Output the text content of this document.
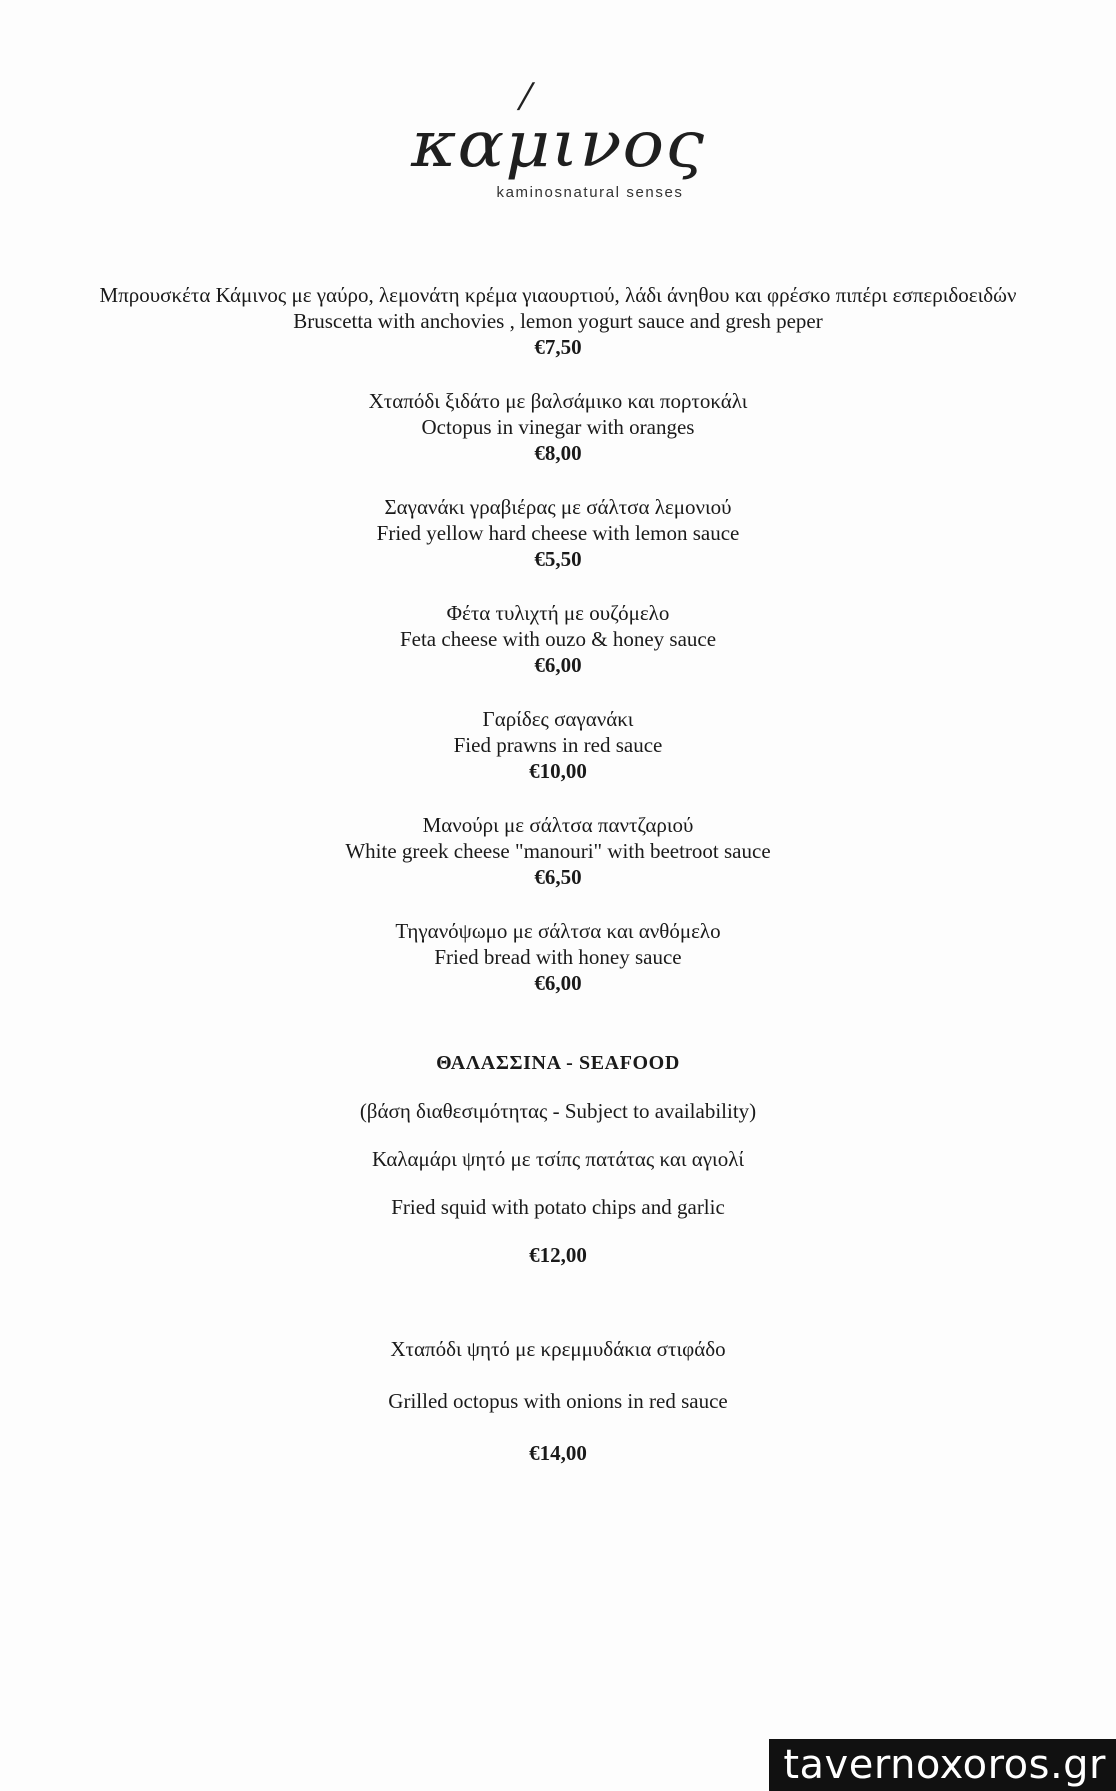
/
καμινος
kaminosnatural senses

Μπρουσκέτα Κάμινος με γαύρο, λεμονάτη κρέμα γιαουρτιού, λάδι άνηθου και φρέσκο πιπέρι εσπεριδοειδών

Bruscetta with anchovies , lemon yogurt sauce and gresh peper

€7,50

Χταπόδι ξιδάτο με βαλσάμικο και πορτοκάλι

Octopus in vinegar with oranges

€8,00

Σαγανάκι γραβιέρας με σάλτσα λεμονιού

Fried yellow hard cheese with lemon sauce

€5,50

Φέτα τυλιχτή με ουζόμελο

Feta cheese with ouzo & honey sauce

€6,00

Γαρίδες σαγανάκι

Fied prawns in red sauce

€10,00

Μανούρι με σάλτσα παντζαριού

White greek cheese "manouri" with beetroot sauce

€6,50

Τηγανόψωμο με σάλτσα και ανθόμελο

Fried bread with honey sauce

€6,00

ΘΑΛΑΣΣΙΝΑ - SEAFOOD

(βάση διαθεσιμότητας - Subject to availability)

Καλαμάρι ψητό με τσίπς πατάτας και αγιολί

Fried squid with potato chips and garlic

€12,00

Χταπόδι ψητό με κρεμμυδάκια στιφάδο

Grilled octopus with onions in red sauce

€14,00
tavernoxoros.gr
